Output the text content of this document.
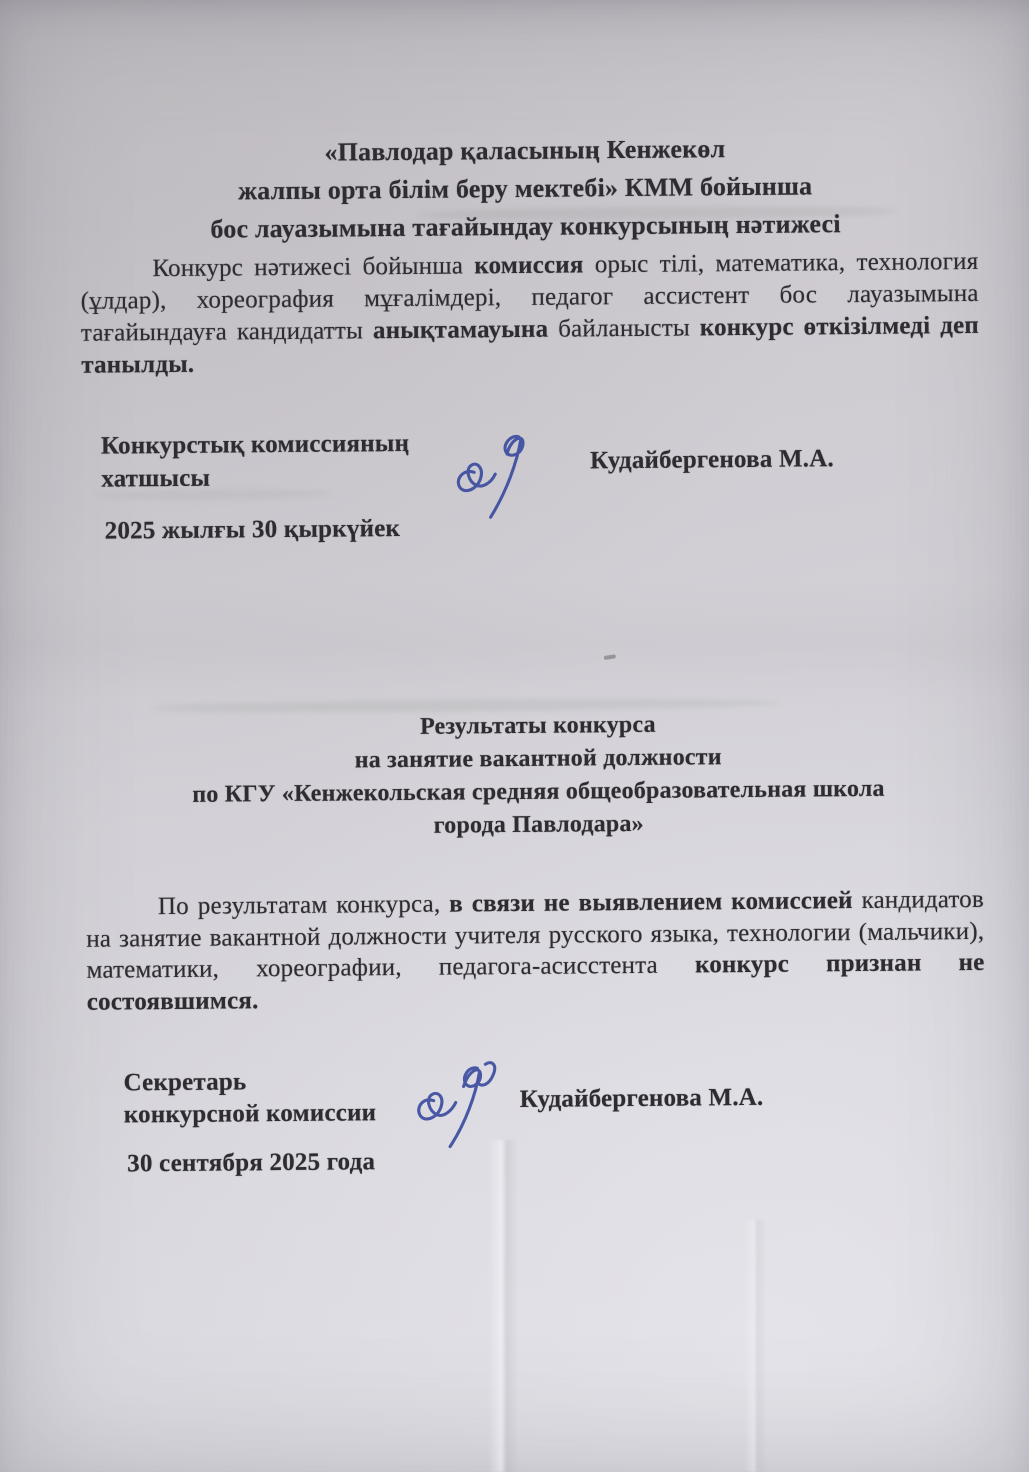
«Павлодар қаласының Кенжекөл
жалпы орта білім беру мектебі» КММ бойынша
бос лауазымына тағайындау конкурсының нәтижесі

Конкурс нәтижесі бойынша комиссия орыс тілі, математика, технология (ұлдар), хореография мұғалімдері, педагог ассистент бос лауазымына тағайындауға кандидатты анықтамауына байланысты конкурс өткізілмеді деп танылды.

Конкурстық комиссияның
хатшысы
Кудайбергенова М.А.
2025 жылғы 30 қыркүйек
Результаты конкурса
на занятие вакантной должности
по КГУ «Кенжекольская средняя общеобразовательная школа
города Павлодара»

По результатам конкурса, в связи не выявлением комиссией кандидатов на занятие вакантной должности учителя русского языка, технологии (мальчики), математики, хореографии, педагога-асисстента конкурс признан не состоявшимся.

Секретарь
конкурсной комиссии
Кудайбергенова М.А.
30 сентября 2025 года
